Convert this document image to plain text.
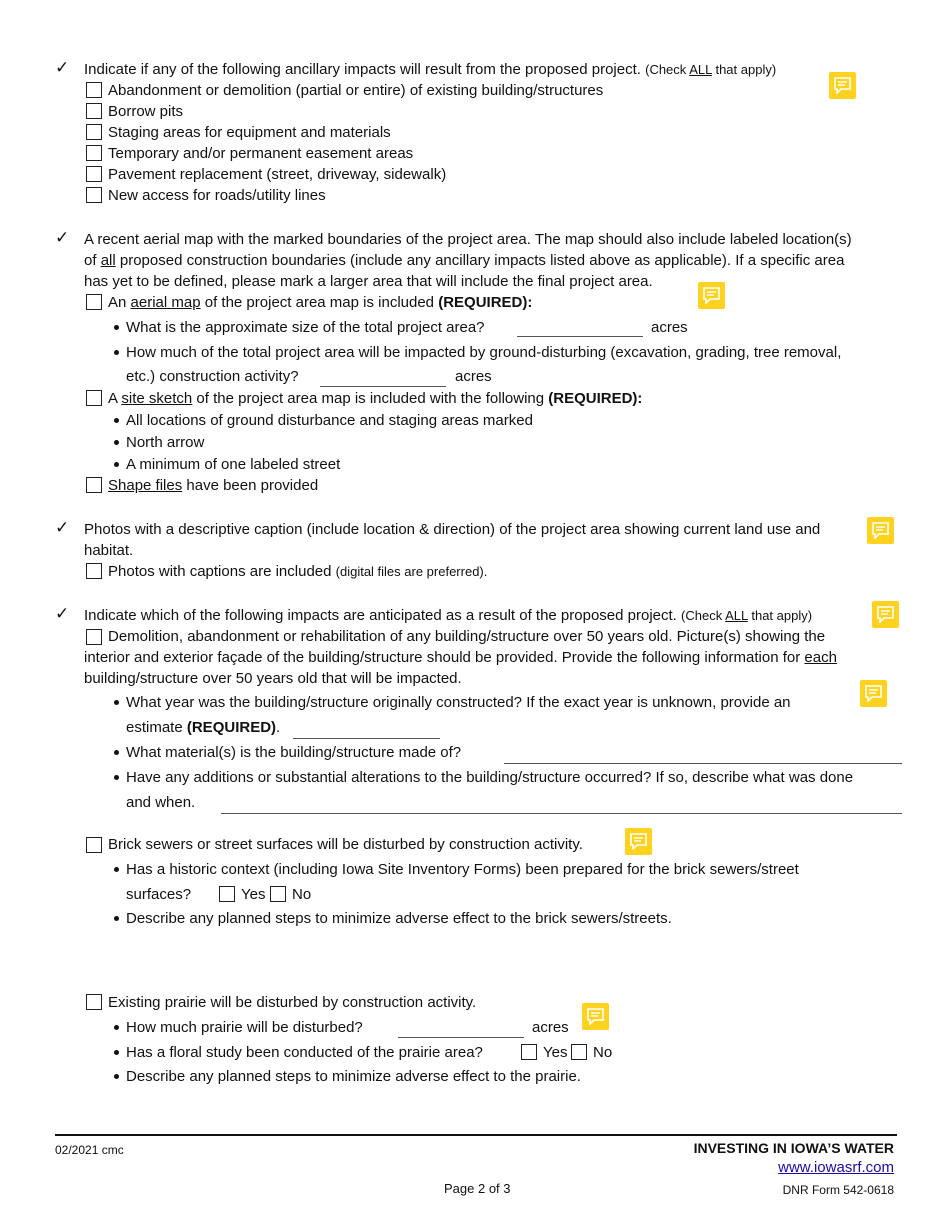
✓ Indicate if any of the following ancillary impacts will result from the proposed project. (Check ALL that apply)
Abandonment or demolition (partial or entire) of existing building/structures
Borrow pits
Staging areas for equipment and materials
Temporary and/or permanent easement areas
Pavement replacement (street, driveway, sidewalk)
New access for roads/utility lines
✓ A recent aerial map with the marked boundaries of the project area. The map should also include labeled location(s)
of all proposed construction boundaries (include any ancillary impacts listed above as applicable). If a specific area
has yet to be defined, please mark a larger area that will include the final project area.
An aerial map of the project area map is included (REQUIRED):
What is the approximate size of the total project area?	acres
How much of the total project area will be impacted by ground-disturbing (excavation, grading, tree removal,
etc.) construction activity?	acres
A site sketch of the project area map is included with the following (REQUIRED):
All locations of ground disturbance and staging areas marked
North arrow
A minimum of one labeled street
Shape files have been provided
✓ Photos with a descriptive caption (include location & direction) of the project area showing current land use and
habitat.
Photos with captions are included (digital files are preferred).
✓ Indicate which of the following impacts are anticipated as a result of the proposed project. (Check ALL that apply)
Demolition, abandonment or rehabilitation of any building/structure over 50 years old. Picture(s) showing the
interior and exterior façade of the building/structure should be provided. Provide the following information for each
building/structure over 50 years old that will be impacted.
What year was the building/structure originally constructed? If the exact year is unknown, provide an
estimate (REQUIRED).
What material(s) is the building/structure made of?
Have any additions or substantial alterations to the building/structure occurred? If so, describe what was done
and when.
Brick sewers or street surfaces will be disturbed by construction activity.
Has a historic context (including Iowa Site Inventory Forms) been prepared for the brick sewers/street
surfaces?	Yes No
Describe any planned steps to minimize adverse effect to the brick sewers/streets.
Existing prairie will be disturbed by construction activity.
How much prairie will be disturbed?	acres
Has a floral study been conducted of the prairie area?	Yes No
Describe any planned steps to minimize adverse effect to the prairie.
02/2021 cmc	INVESTING IN IOWA’S WATER
www.iowasrf.com
Page 2 of 3	DNR Form 542-0618
